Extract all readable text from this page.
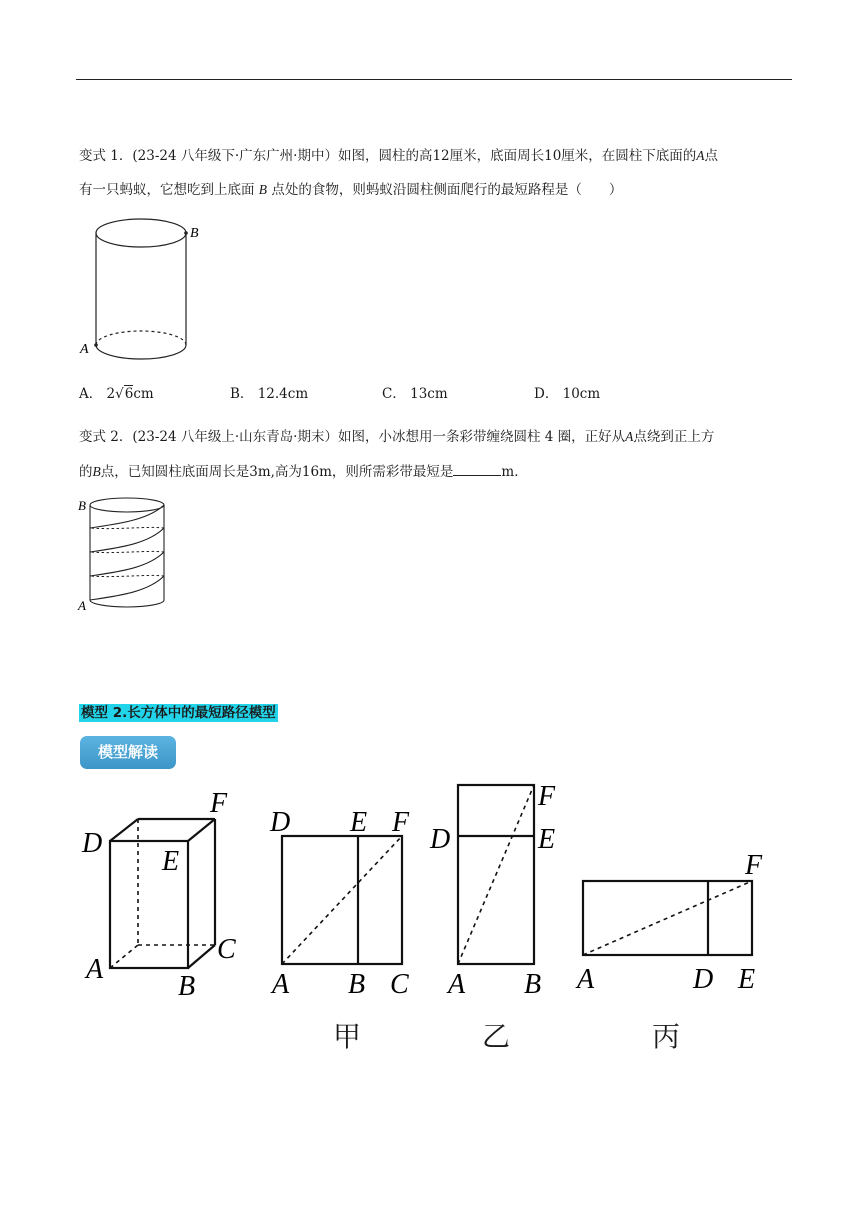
变式 1．(23-24 八年级下·广东广州·期中）如图，圆柱的高12厘米，底面周长10厘米，在圆柱下底面的A点
有一只蚂蚁，它想吃到上底面 B 点处的食物，则蚂蚁沿圆柱侧面爬行的最短路程是（　　）
B
A
A． 2√6cm	B． 12.4cm	C． 13cm	D． 10cm
变式 2．(23-24 八年级上·山东青岛·期末）如图，小冰想用一条彩带缠绕圆柱 4 圈，正好从A点绕到正上方
的B点，已知圆柱底面周长是3m,高为16m，则所需彩带最短是	m．
B
A
模型 2.长方体中的最短路径模型
模型解读
F
D
E
C
A
B
D E F
A B C
F
D	E
A B
F
A	D E
甲	乙	丙
